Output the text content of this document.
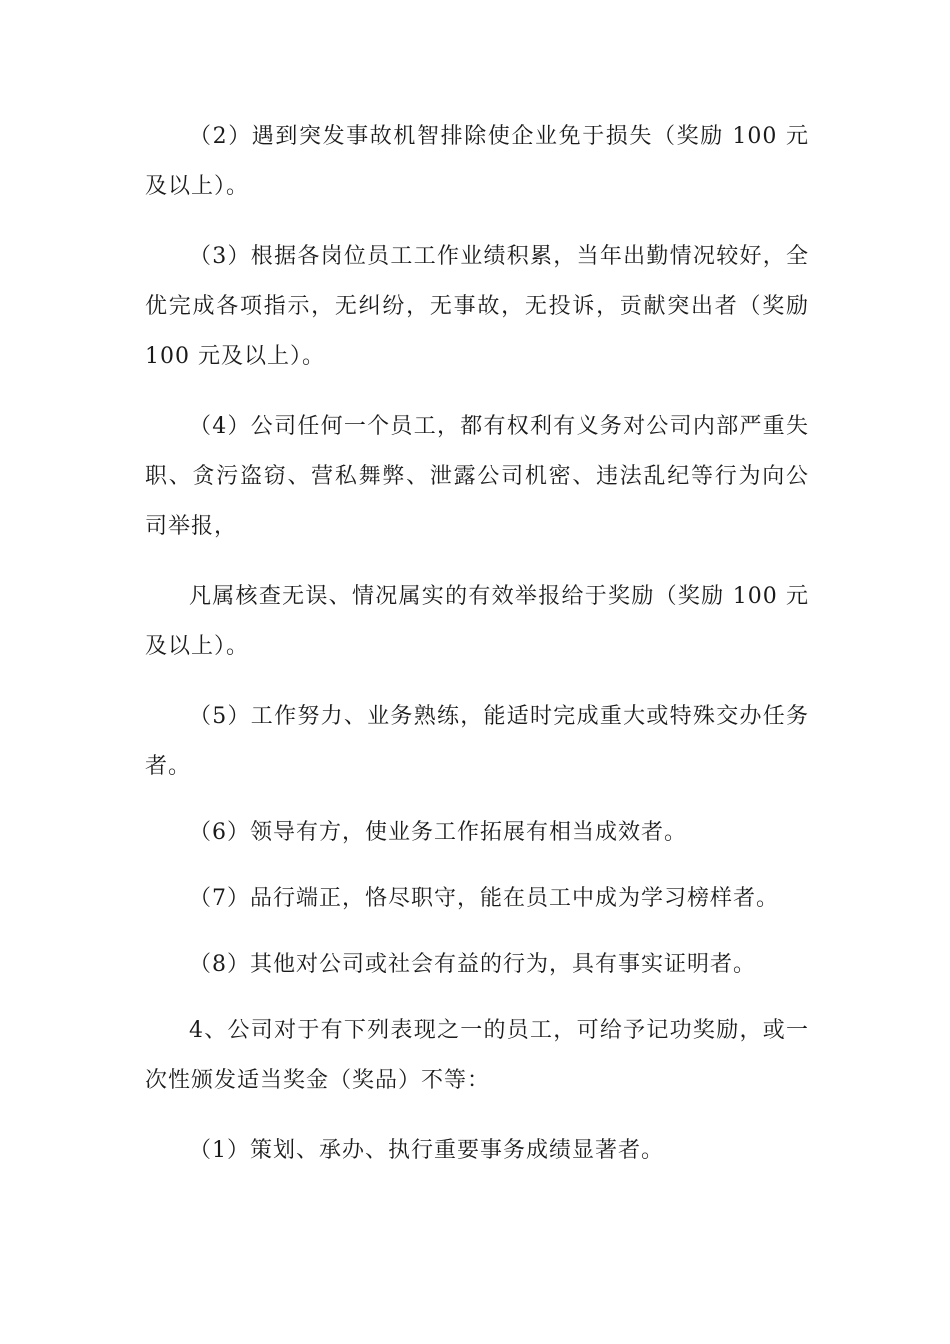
（2）遇到突发事故机智排除使企业免于损失（奖励 100 元及以上）。

（3）根据各岗位员工工作业绩积累，当年出勤情况较好，全优完成各项指示，无纠纷，无事故，无投诉，贡献突出者（奖励 100 元及以上）。

（4）公司任何一个员工，都有权利有义务对公司内部严重失职、贪污盗窃、营私舞弊、泄露公司机密、违法乱纪等行为向公司举报，

凡属核查无误、情况属实的有效举报给于奖励（奖励 100 元及以上）。

（5）工作努力、业务熟练，能适时完成重大或特殊交办任务者。

（6）领导有方，使业务工作拓展有相当成效者。

（7）品行端正，恪尽职守，能在员工中成为学习榜样者。

（8）其他对公司或社会有益的行为，具有事实证明者。

4、公司对于有下列表现之一的员工，可给予记功奖励，或一次性颁发适当奖金（奖品）不等：

（1）策划、承办、执行重要事务成绩显著者。
